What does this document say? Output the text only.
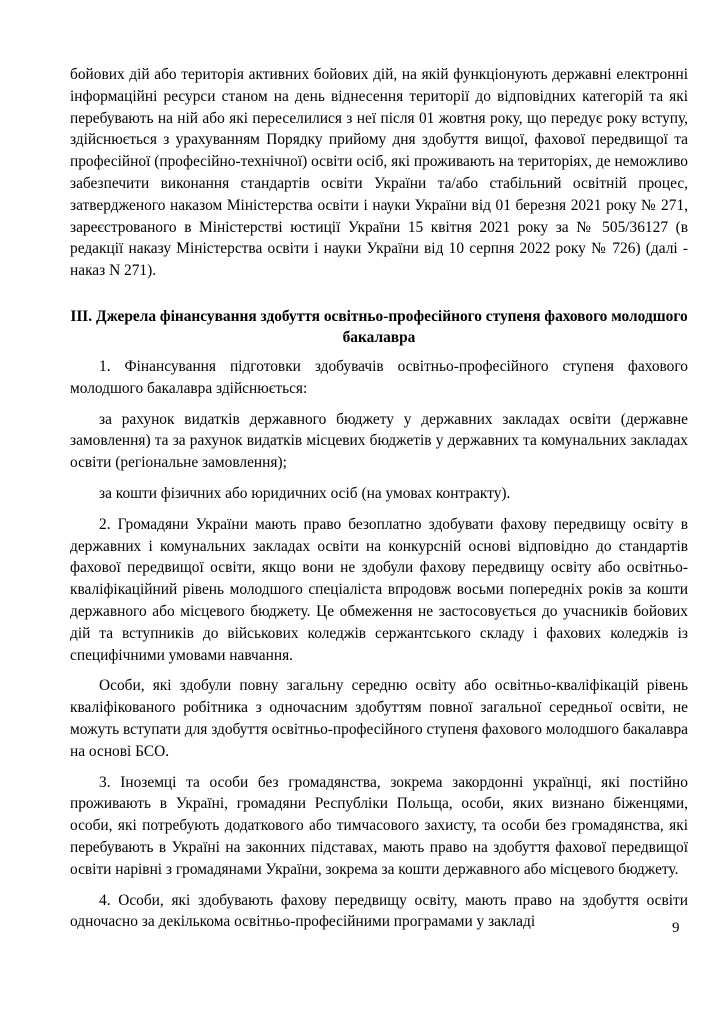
бойових дій або територія активних бойових дій, на якій функціонують державні електронні інформаційні ресурси станом на день віднесення території до відповідних категорій та які перебувають на ній або які переселилися з неї після 01 жовтня року, що передує року вступу, здійснюється з урахуванням Порядку прийому дня здобуття вищої, фахової передвищої та професійної (професійно-технічної) освіти осіб, які проживають на територіях, де неможливо забезпечити виконання стандартів освіти України та/або стабільний освітній процес, затвердженого наказом Міністерства освіти і науки України від 01 березня 2021 року № 271, зареєстрованого в Міністерстві юстиції України 15 квітня 2021 року за № 505/36127 (в редакції наказу Міністерства освіти і науки України від 10 серпня 2022 року № 726) (далі - наказ N 271).

ІІІ. Джерела фінансування здобуття освітньо-професійного ступеня фахового молодшого бакалавра

1. Фінансування підготовки здобувачів освітньо-професійного ступеня фахового молодшого бакалавра здійснюється:

за рахунок видатків державного бюджету у державних закладах освіти (державне замовлення) та за рахунок видатків місцевих бюджетів у державних та комунальних закладах освіти (регіональне замовлення);

за кошти фізичних або юридичних осіб (на умовах контракту).

2. Громадяни України мають право безоплатно здобувати фахову передвищу освіту в державних і комунальних закладах освіти на конкурсній основі відповідно до стандартів фахової передвищої освіти, якщо вони не здобули фахову передвищу освіту або освітньо-кваліфікаційний рівень молодшого спеціаліста впродовж восьми попередніх років за кошти державного або місцевого бюджету. Це обмеження не застосовується до учасників бойових дій та вступників до військових коледжів сержантського складу і фахових коледжів із специфічними умовами навчання.

Особи, які здобули повну загальну середню освіту або освітньо-кваліфікацій рівень кваліфікованого робітника з одночасним здобуттям повної загальної середньої освіти, не можуть вступати для здобуття освітньо-професійного ступеня фахового молодшого бакалавра на основі БСО.

3. Іноземці та особи без громадянства, зокрема закордонні українці, які постійно проживають в Україні, громадяни Республіки Польща, особи, яких визнано біженцями, особи, які потребують додаткового або тимчасового захисту, та особи без громадянства, які перебувають в Україні на законних підставах, мають право на здобуття фахової передвищої освіти нарівні з громадянами України, зокрема за кошти державного або місцевого бюджету.

4. Особи, які здобувають фахову передвищу освіту, мають право на здобуття освіти одночасно за декількома освітньо-професійними програмами у закладі	9
